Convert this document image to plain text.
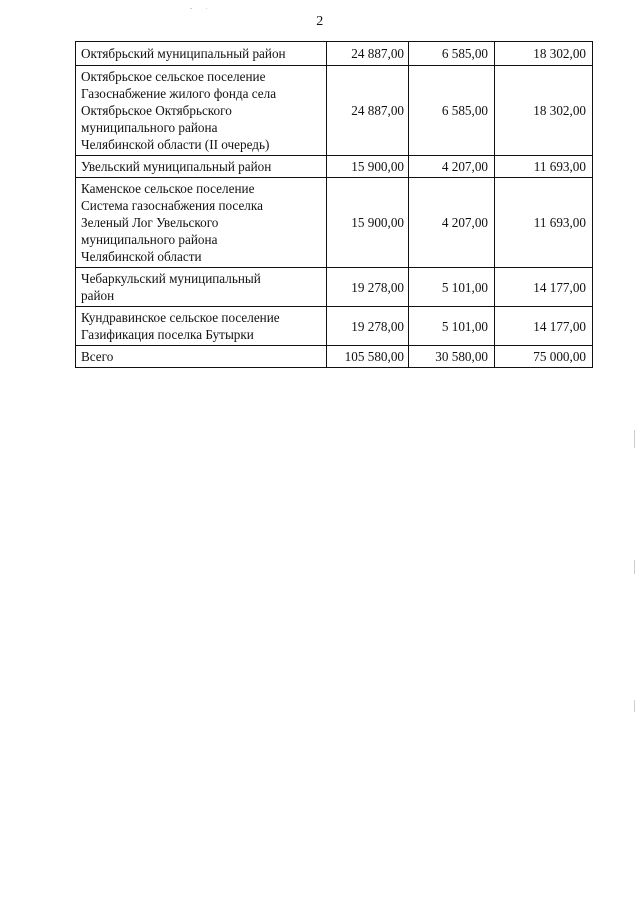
2
Октябрьский муниципальный район	24 887,00	6 585,00	18 302,00
Октябрьское сельское поселение
Газоснабжение жилого фонда села
Октябрьское Октябрьского
муниципального района
Челябинской области (II очередь)	24 887,00	6 585,00	18 302,00
Увельский муниципальный район	15 900,00	4 207,00	11 693,00
Каменское сельское поселение
Система газоснабжения поселка
Зеленый Лог Увельского
муниципального района
Челябинской области	15 900,00	4 207,00	11 693,00
Чебаркульский муниципальный
район	19 278,00	5 101,00	14 177,00
Кундравинское сельское поселение
Газификация поселка Бутырки	19 278,00	5 101,00	14 177,00
Всего	105 580,00	30 580,00	75 000,00
